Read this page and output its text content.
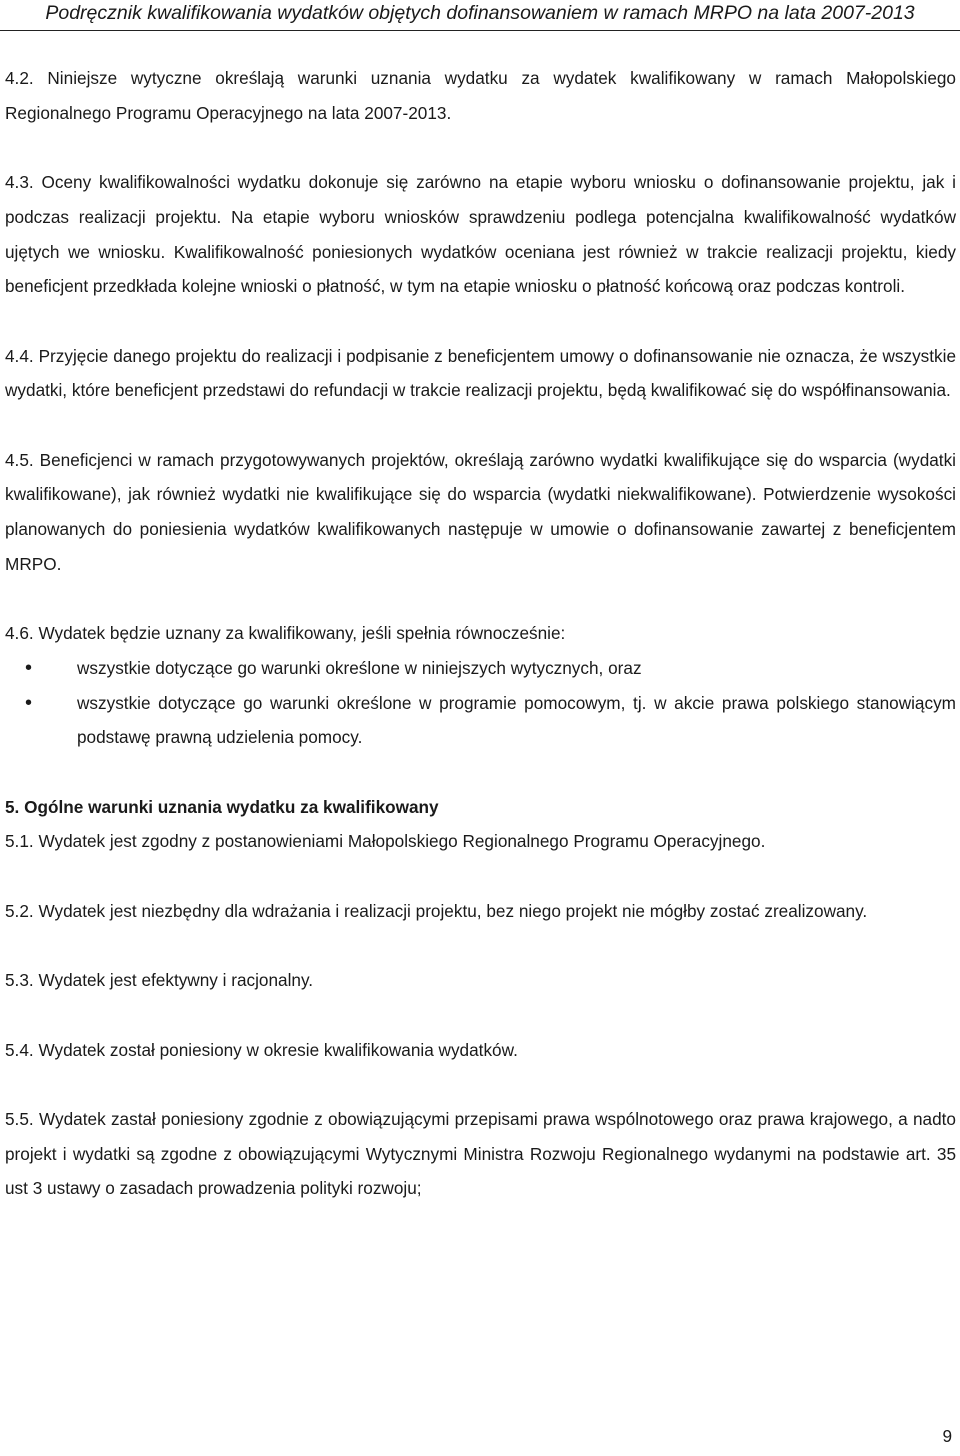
Podręcznik kwalifikowania wydatków objętych dofinansowaniem w ramach MRPO na lata 2007-2013

4.2. Niniejsze wytyczne określają warunki uznania wydatku za wydatek kwalifikowany w ramach Małopolskiego Regionalnego Programu Operacyjnego na lata 2007-2013.

4.3. Oceny kwalifikowalności wydatku dokonuje się zarówno na etapie wyboru wniosku o dofinansowanie projektu, jak i podczas realizacji projektu. Na etapie wyboru wniosków sprawdzeniu podlega potencjalna kwalifikowalność wydatków ujętych we wniosku. Kwalifikowalność poniesionych wydatków oceniana jest również w trakcie realizacji projektu, kiedy beneficjent przedkłada kolejne wnioski o płatność, w tym na etapie wniosku o płatność końcową oraz podczas kontroli.

4.4. Przyjęcie danego projektu do realizacji i podpisanie z beneficjentem umowy o dofinansowanie nie oznacza, że wszystkie wydatki, które beneficjent przedstawi do refundacji w trakcie realizacji projektu, będą kwalifikować się do współfinansowania.

4.5. Beneficjenci w ramach przygotowywanych projektów, określają zarówno wydatki kwalifikujące się do wsparcia (wydatki kwalifikowane), jak również wydatki nie kwalifikujące się do wsparcia (wydatki niekwalifikowane). Potwierdzenie wysokości planowanych do poniesienia wydatków kwalifikowanych następuje w umowie o dofinansowanie zawartej z beneficjentem MRPO.

4.6. Wydatek będzie uznany za kwalifikowany, jeśli spełnia równocześnie:

•	wszystkie dotyczące go warunki określone w niniejszych wytycznych, oraz
•	wszystkie dotyczące go warunki określone w programie pomocowym, tj. w akcie prawa polskiego stanowiącym podstawę prawną udzielenia pomocy.

5. Ogólne warunki uznania wydatku za kwalifikowany

5.1. Wydatek jest zgodny z postanowieniami Małopolskiego Regionalnego Programu Operacyjnego.

5.2. Wydatek jest niezbędny dla wdrażania i realizacji projektu, bez niego projekt nie mógłby zostać zrealizowany.

5.3. Wydatek jest efektywny i racjonalny.

5.4. Wydatek został poniesiony w okresie kwalifikowania wydatków.

5.5. Wydatek zastał poniesiony zgodnie z obowiązującymi przepisami prawa wspólnotowego oraz prawa krajowego, a nadto projekt i wydatki są zgodne z obowiązującymi Wytycznymi Ministra Rozwoju Regionalnego wydanymi na podstawie art. 35 ust 3 ustawy o zasadach prowadzenia polityki rozwoju;

9
